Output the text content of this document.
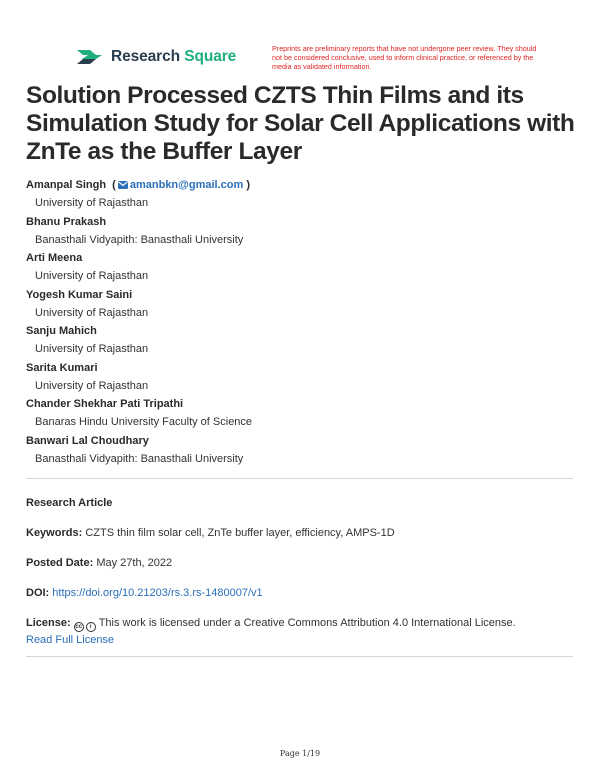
Research Square	Preprints are preliminary reports that have not undergone peer review. They should not be considered conclusive, used to inform clinical practice, or referenced by the media as validated information.
Solution Processed CZTS Thin Films and its Simulation Study for Solar Cell Applications with ZnTe as the Buffer Layer
Amanpal Singh  ( amanbkn@gmail.com )
University of Rajasthan
Bhanu Prakash
Banasthali Vidyapith: Banasthali University
Arti Meena
University of Rajasthan
Yogesh Kumar Saini
University of Rajasthan
Sanju Mahich
University of Rajasthan
Sarita Kumari
University of Rajasthan
Chander Shekhar Pati Tripathi
Banaras Hindu University Faculty of Science
Banwari Lal Choudhary
Banasthali Vidyapith: Banasthali University
Research Article
Keywords: CZTS thin film solar cell, ZnTe buffer layer, efficiency, AMPS-1D
Posted Date: May 27th, 2022
DOI: https://doi.org/10.21203/rs.3.rs-1480007/v1
License: cc	i This work is licensed under a Creative Commons Attribution 4.0 International License.
Read Full License
Page 1/19
